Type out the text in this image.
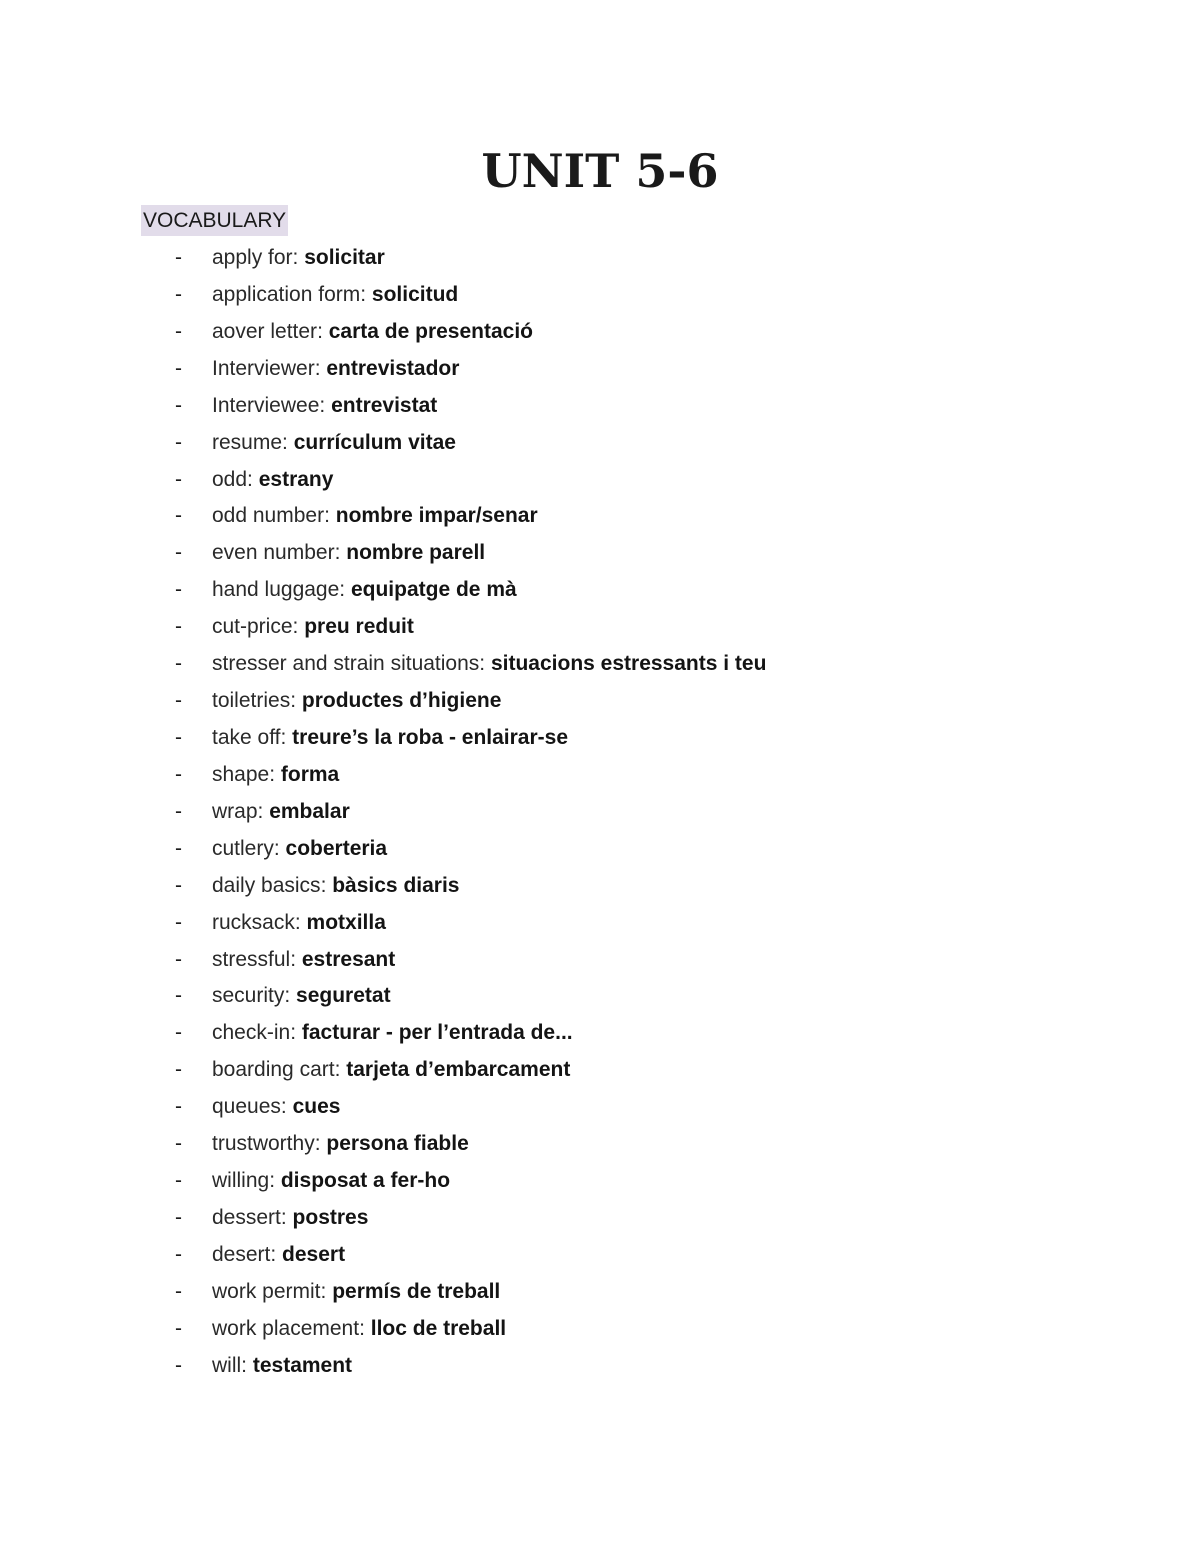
UNIT 5-6
VOCABULARY
- apply for: solicitar
- application form: solicitud
- aover letter: carta de presentació
- Interviewer: entrevistador
- Interviewee: entrevistat
- resume: currículum vitae
- odd: estrany
- odd number: nombre impar/senar
- even number: nombre parell
- hand luggage: equipatge de mà
- cut-price: preu reduit
- stresser and strain situations: situacions estressants i teu
- toiletries: productes d’higiene
- take off: treure’s la roba - enlairar-se
- shape: forma
- wrap: embalar
- cutlery: coberteria
- daily basics: bàsics diaris
- rucksack: motxilla
- stressful: estresant
- security: seguretat
- check-in: facturar - per l’entrada de...
- boarding cart: tarjeta d’embarcament
- queues: cues
- trustworthy: persona fiable
- willing: disposat a fer-ho
- dessert: postres
- desert: desert
- work permit: permís de treball
- work placement: lloc de treball
- will: testament
